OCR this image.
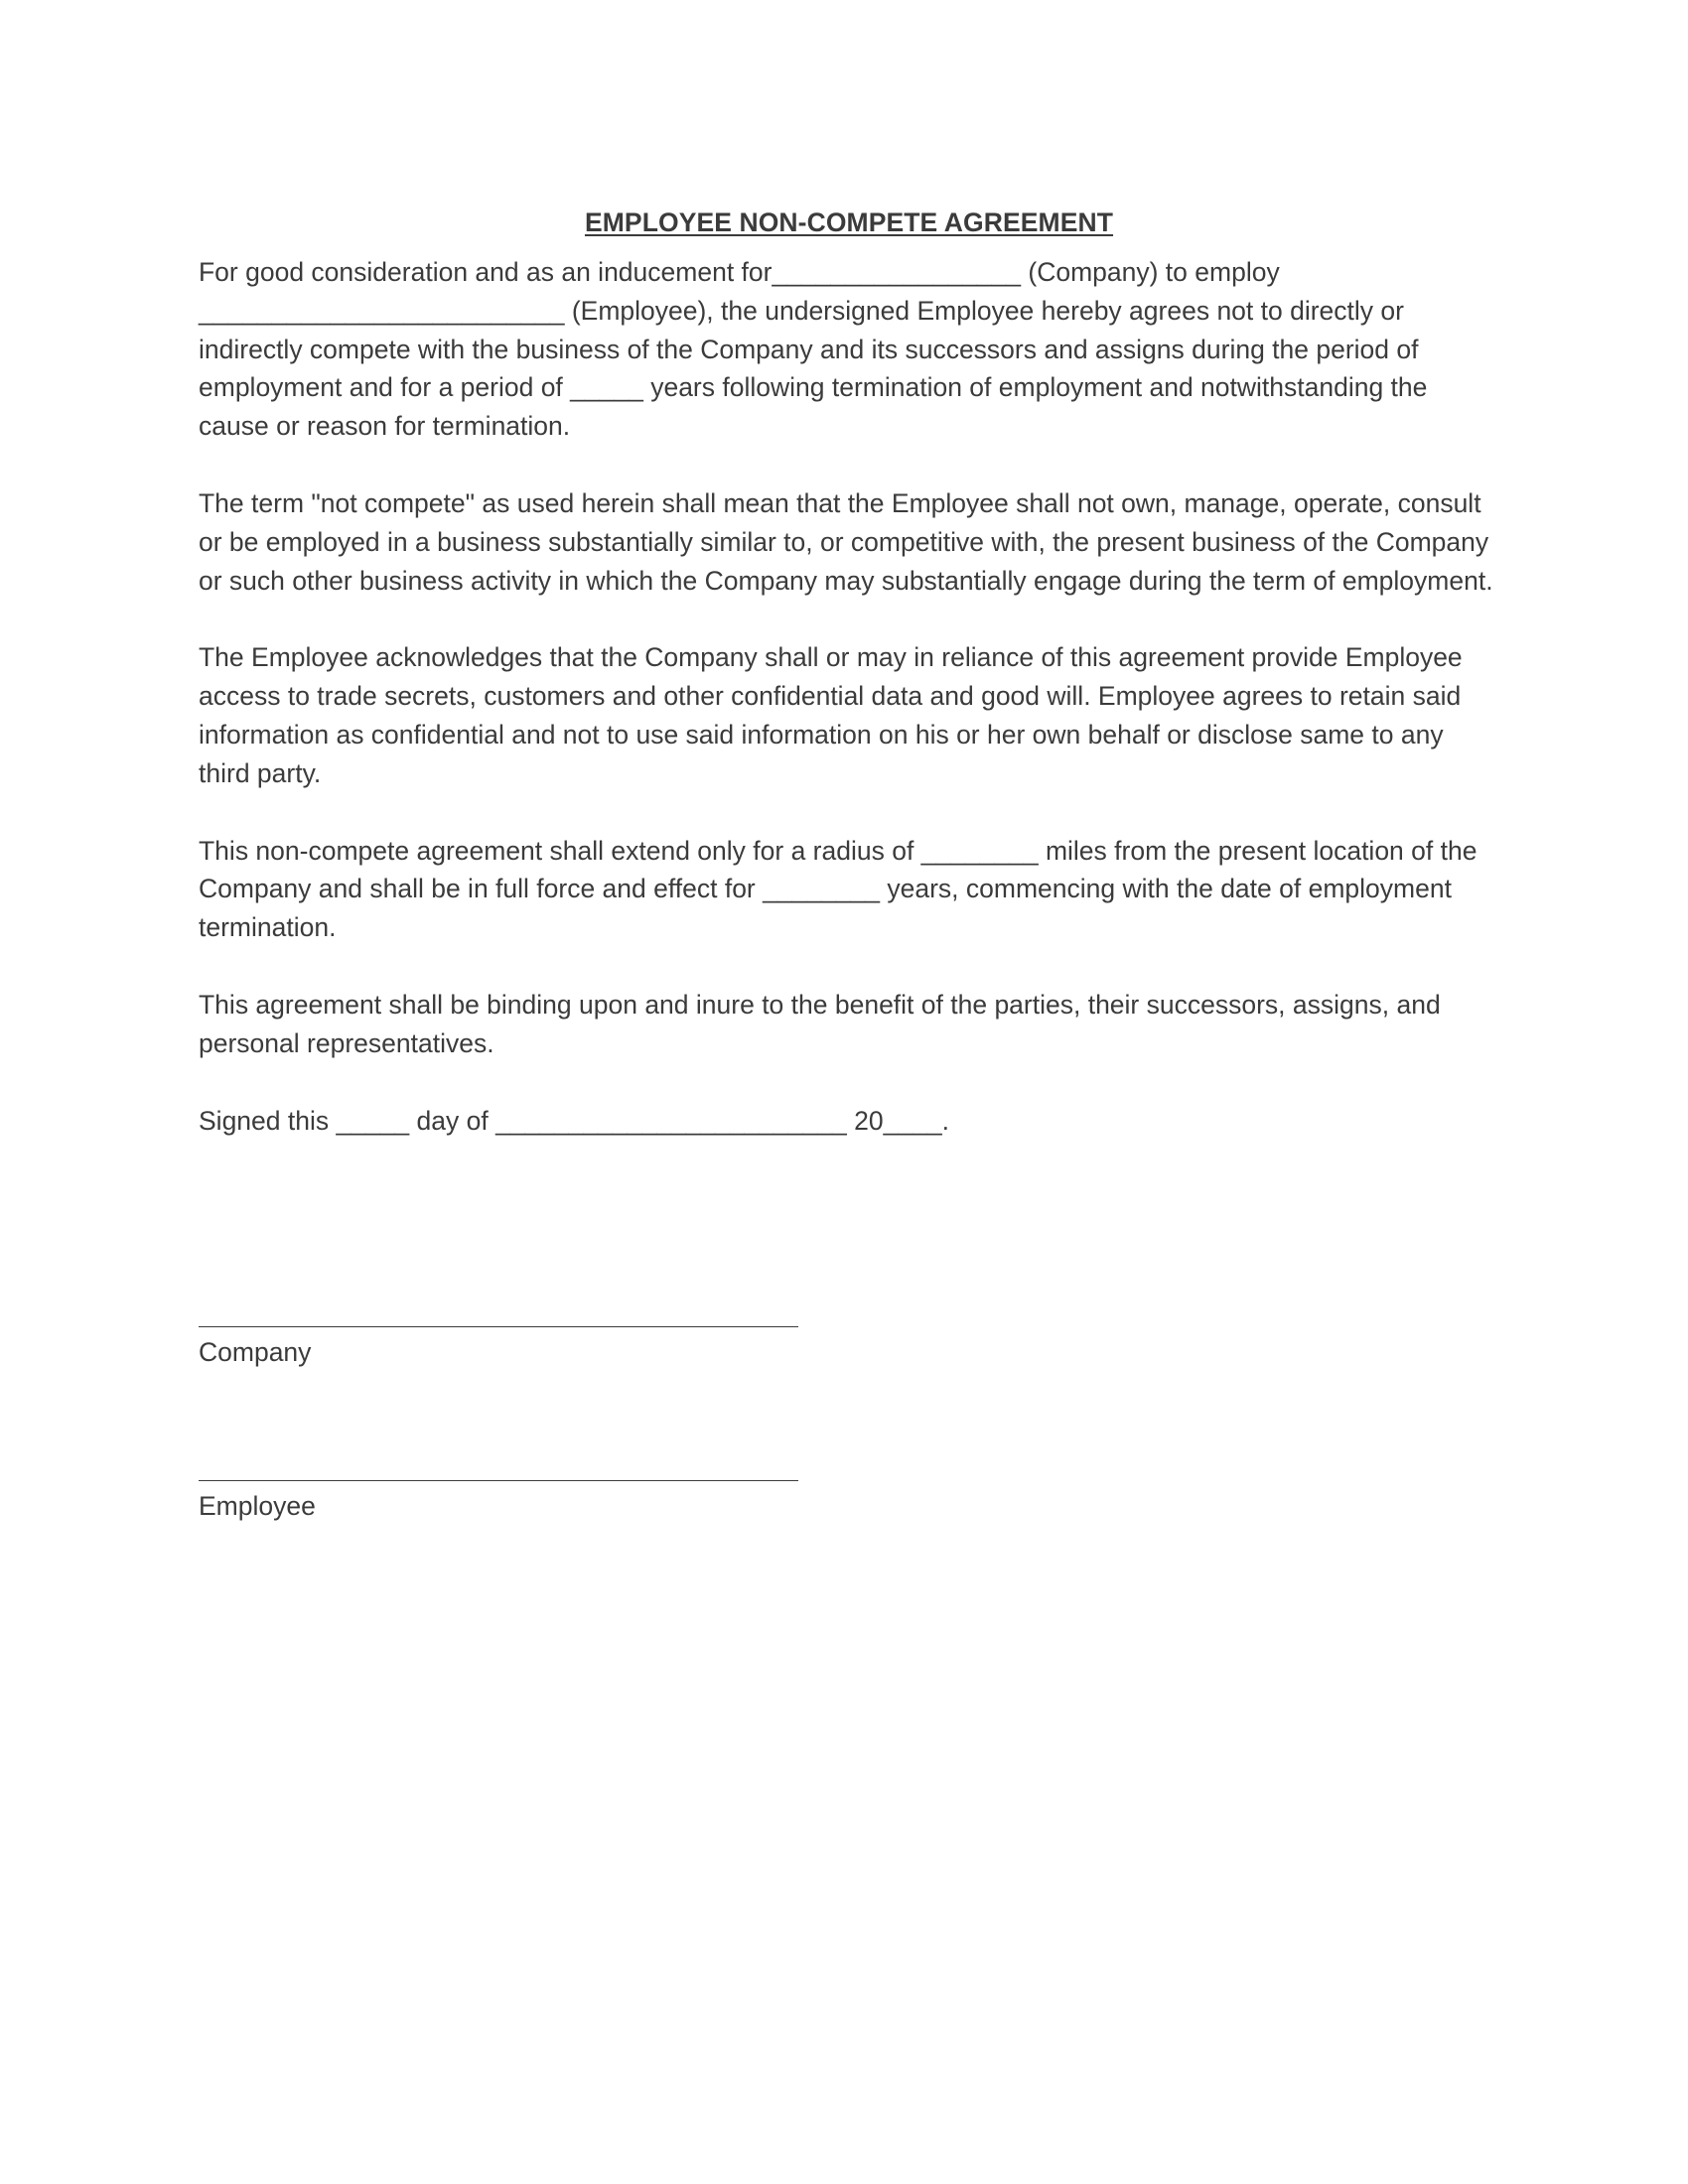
EMPLOYEE NON-COMPETE AGREEMENT

For good consideration and as an inducement for_________________ (Company) to employ _________________________ (Employee), the undersigned Employee hereby agrees not to directly or indirectly compete with the business of the Company and its successors and assigns during the period of employment and for a period of _____ years following termination of employment and notwithstanding the cause or reason for termination.

The term "not compete" as used herein shall mean that the Employee shall not own, manage, operate, consult or be employed in a business substantially similar to, or competitive with, the present business of the Company or such other business activity in which the Company may substantially engage during the term of employment.

The Employee acknowledges that the Company shall or may in reliance of this agreement provide Employee access to trade secrets, customers and other confidential data and good will. Employee agrees to retain said information as confidential and not to use said information on his or her own behalf or disclose same to any third party.

This non-compete agreement shall extend only for a radius of ________ miles from the present location of the Company and shall be in full force and effect for ________ years, commencing with the date of employment termination.

This agreement shall be binding upon and inure to the benefit of the parties, their successors, assigns, and personal representatives.

Signed this _____ day of ________________________ 20____.

Company
Employee
